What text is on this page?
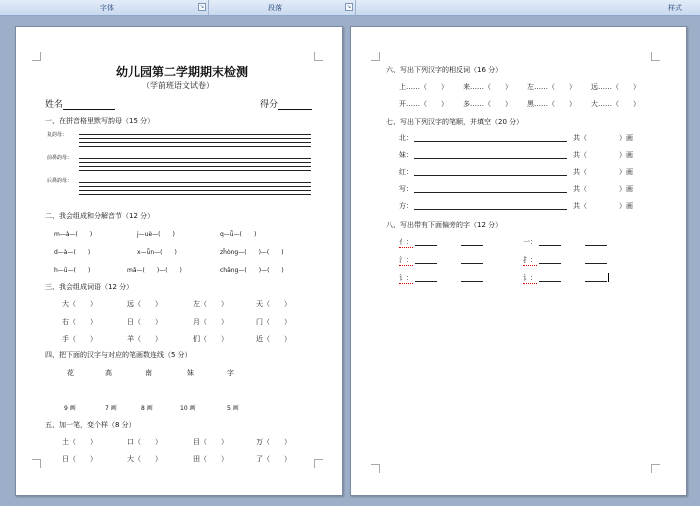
字体	↘	段落	↘	样式
幼儿园第二学期期末检测
（学前班语文试卷）
姓名	得分
一、在拼音格里默写韵母（15 分）
复韵母：
前鼻韵母：
后鼻韵母：
二、我会组成和分解音节（12 分）
m—à—(　　)	j—uè—(　　)	q—ǖ—(　　)
d—à—(　　)	x—ǖn—(　　)	zh̄òng—(　　)—(　　)
h—ū—(　　)	mǎ—(　　)—(　　)	chāng—(　　)—(　　)
三、我会组成词语（12 分）
大（　　）	远（　　）	左（　　）	天（　　）
右（　　）	日（　　）	月（　　）	门（　　）
手（　　）	羊（　　）	们（　　）	近（　　）
四、把下面的汉字与对应的笔画数连线（5 分）
花	高	南	妹	字
9 画	7 画	8 画	10 画	5 画
五、加一笔，变个样（8 分）
土（　　）	口（　　）	目（　　）	万（　　）
日（　　）	大（　　）	田（　　）	了（　　）
六、写出下列汉字的相反词（16 分）
上……（　　） 来……（　　） 左……（　　） 远……（　　）
开……（　　） 多……（　　） 黑……（　　） 大……（　　）
七、写出下列汉字的笔顺，并填空（20 分）
北：	共（	）画
妹：	共（	）画
红：	共（	）画
写：	共（	）画
方：	共（	）画
八、写出带有下面偏旁的字（12 分）
亻：	一：
氵：	扌：
讠：	讠：
